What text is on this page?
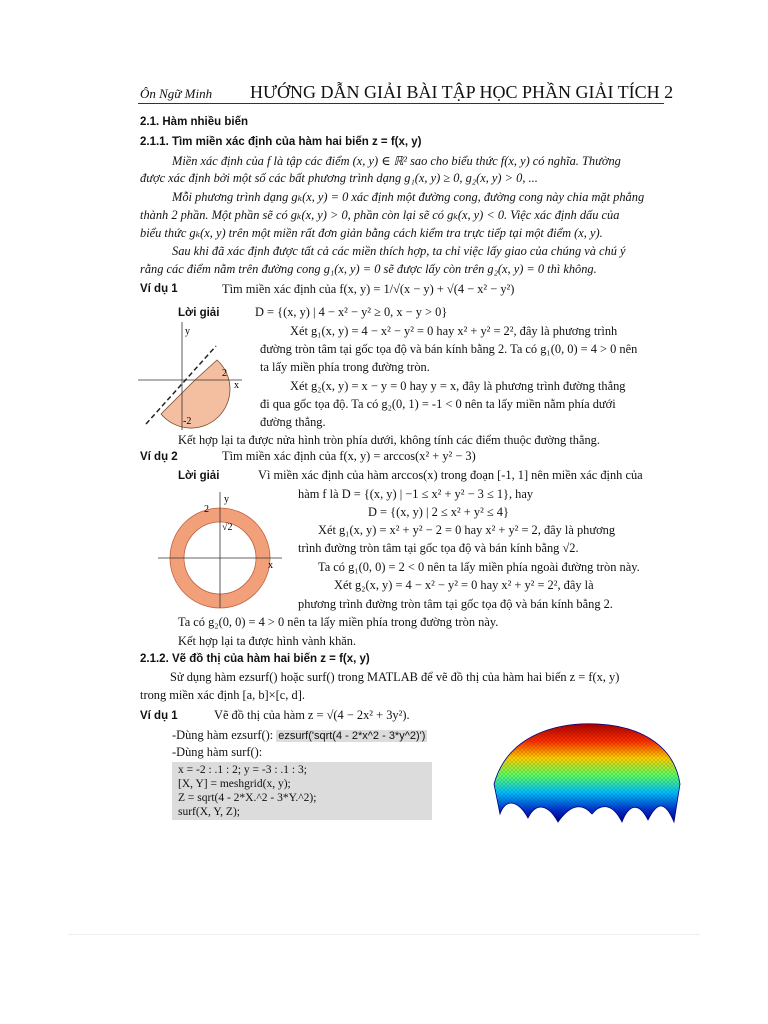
Ôn Ngữ Minh HƯỚNG DẪN GIẢI BÀI TẬP HỌC PHẦN GIẢI TÍCH 2
2.1. Hàm nhiều biến
2.1.1. Tìm miền xác định của hàm hai biến z = f(x, y)
Miền xác định của f là tập các điểm (x, y) ∈ ℝ² sao cho biểu thức f(x, y) có nghĩa. Thường
được xác định bởi một số các bất phương trình dạng g₁(x, y) ≥ 0, g₂(x, y) > 0, ...
Mỗi phương trình dạng gₖ(x, y) = 0 xác định một đường cong, đường cong này chia mặt phẳng
thành 2 phần. Một phần sẽ có gₖ(x, y) > 0, phần còn lại sẽ có gₖ(x, y) < 0. Việc xác định dấu của
biểu thức gₖ(x, y) trên một miền rất đơn giản bằng cách kiểm tra trực tiếp tại một điểm (x, y).
Sau khi đã xác định được tất cả các miền thích hợp, ta chỉ việc lấy giao của chúng và chú ý
rằng các điểm nằm trên đường cong g₁(x, y) = 0 sẽ được lấy còn trên g₂(x, y) = 0 thì không.
Ví dụ 1	Tìm miền xác định của f(x, y) = 1/√(x − y) + √(4 − x² − y²)
Lời giải	D = {(x, y) | 4 − x² − y² ≥ 0, x − y > 0}
Xét g₁(x, y) = 4 − x² − y² = 0 hay x² + y² = 2², đây là phương trình
đường tròn tâm tại gốc tọa độ và bán kính bằng 2. Ta có g₁(0, 0) = 4 > 0 nên
ta lấy miền phía trong đường tròn.
Xét g₂(x, y) = x − y = 0 hay y = x, đây là phương trình đường thẳng
đi qua gốc tọa độ. Ta có g₂(0, 1) = -1 < 0 nên ta lấy miền nằm phía dưới
đường thẳng.
Kết hợp lại ta được nửa hình tròn phía dưới, không tính các điểm thuộc đường thẳng.
y
x
2
-2
Ví dụ 2	Tìm miền xác định của f(x, y) = arccos(x² + y² − 3)
Lời giải	Vì miền xác định của hàm arccos(x) trong đoạn [-1, 1] nên miền xác định của
hàm f là D = {(x, y) | −1 ≤ x² + y² − 3 ≤ 1}, hay
D = {(x, y) | 2 ≤ x² + y² ≤ 4}
Xét g₁(x, y) = x² + y² − 2 = 0 hay x² + y² = 2, đây là phương
trình đường tròn tâm tại gốc tọa độ và bán kính bằng √2.
Ta có g₁(0, 0) = 2 < 0 nên ta lấy miền phía ngoài đường tròn này.
Xét g₂(x, y) = 4 − x² − y² = 0 hay x² + y² = 2², đây là
phương trình đường tròn tâm tại gốc tọa độ và bán kính bằng 2.
Ta có g₂(0, 0) = 4 > 0 nên ta lấy miền phía trong đường tròn này.
Kết hợp lại ta được hình vành khăn.
y
x
2
√2
2.1.2. Vẽ đồ thị của hàm hai biến z = f(x, y)
Sử dụng hàm ezsurf() hoặc surf() trong MATLAB để vẽ đồ thị của hàm hai biến z = f(x, y)
trong miền xác định [a, b]×[c, d].
Ví dụ 1	Vẽ đồ thị của hàm z = √(4 − 2x² + 3y²).
-Dùng hàm ezsurf(): ezsurf('sqrt(4 - 2*x^2 - 3*y^2)')
-Dùng hàm surf():
x = -2 : .1 : 2; y = -3 : .1 : 3;
[X, Y] = meshgrid(x, y);
Z = sqrt(4 - 2*X.^2 - 3*Y.^2);
surf(X, Y, Z);
